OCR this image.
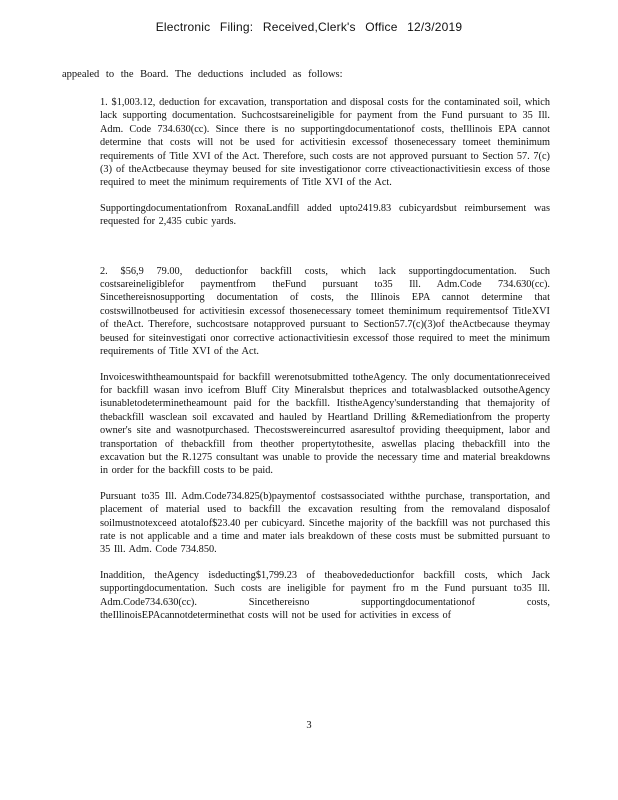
Electronic Filing: Received,Clerk's Office 12/3/2019
appealed to the Board. The deductions included as follows:

1. $1,003.12, deduction for excavation, transportation and disposal costs for the contaminated soil, which lack supporting documentation. Suchcostsareineligible for payment from the Fund pursuant to 35 Ill. Adm. Code 734.630(cc). Since there is no supportingdocumentationof costs, theIllinois EPA cannot determine that costs will not be used for activitiesin excessof thosenecessary tomeet theminimum requirements of Title XVI of the Act. Therefore, such costs are not approved pursuant to Section 57. 7(c)(3) of theActbecause theymay beused for site investigationor corre ctiveactionactivitiesin excess of those required to meet the minimum requirements of Title XVI of the Act.

Supportingdocumentationfrom RoxanaLandfill added upto2419.83 cubicyardsbut reimbursement was requested for 2,435 cubic yards.

2. $56,9 79.00, deductionfor backfill costs, which lack supportingdocumentation. Such costsareineligiblefor paymentfrom theFund pursuant to35 Ill. Adm.Code 734.630(cc). Sincethereisnosupporting documentation of costs, the Illinois EPA cannot determine that costswillnotbeused for activitiesin excessof thosenecessary tomeet theminimum requirementsof TitleXVI of theAct. Therefore, suchcostsare notapproved pursuant to Section57.7(c)(3)of theActbecause theymay beused for siteinvestigati onor corrective actionactivitiesin excessof those required to meet the minimum requirements of Title XVI of the Act.

Invoiceswiththeamountspaid for backfill werenotsubmitted totheAgency. The only documentationreceived for backfill wasan invo icefrom Bluff City Mineralsbut theprices and totalwasblacked outsotheAgency isunabletodeterminetheamount paid for the backfill. ItistheAgency'sunderstanding that themajority of thebackfill wasclean soil excavated and hauled by Heartland Drilling &Remediationfrom the property owner's site and wasnotpurchased. Thecostswereincurred asaresultof providing theequipment, labor and transportation of thebackfill from theother propertytothesite, aswellas placing thebackfill into the excavation but the R.1275 consultant was unable to provide the necessary time and material breakdowns in order for the backfill costs to be paid.

Pursuant to35 Ill. Adm.Code734.825(b)paymentof costsassociated withthe purchase, transportation, and placement of material used to backfill the excavation resulting from the removaland disposalof soilmustnotexceed atotalof$23.40 per cubicyard. Sincethe majority of the backfill was not purchased this rate is not applicable and a time and mater ials breakdown of these costs must be submitted pursuant to 35 Ill. Adm. Code 734.850.

Inaddition, theAgency isdeducting$1,799.23 of theabovedeductionfor backfill costs, which Jack supportingdocumentation. Such costs are ineligible for payment fro m the Fund pursuant to35 Ill. Adm.Code734.630(cc). Sincethereisno supportingdocumentationof costs, theIllinoisEPAcannotdeterminethat costs will not be used for activities in excess of

3
